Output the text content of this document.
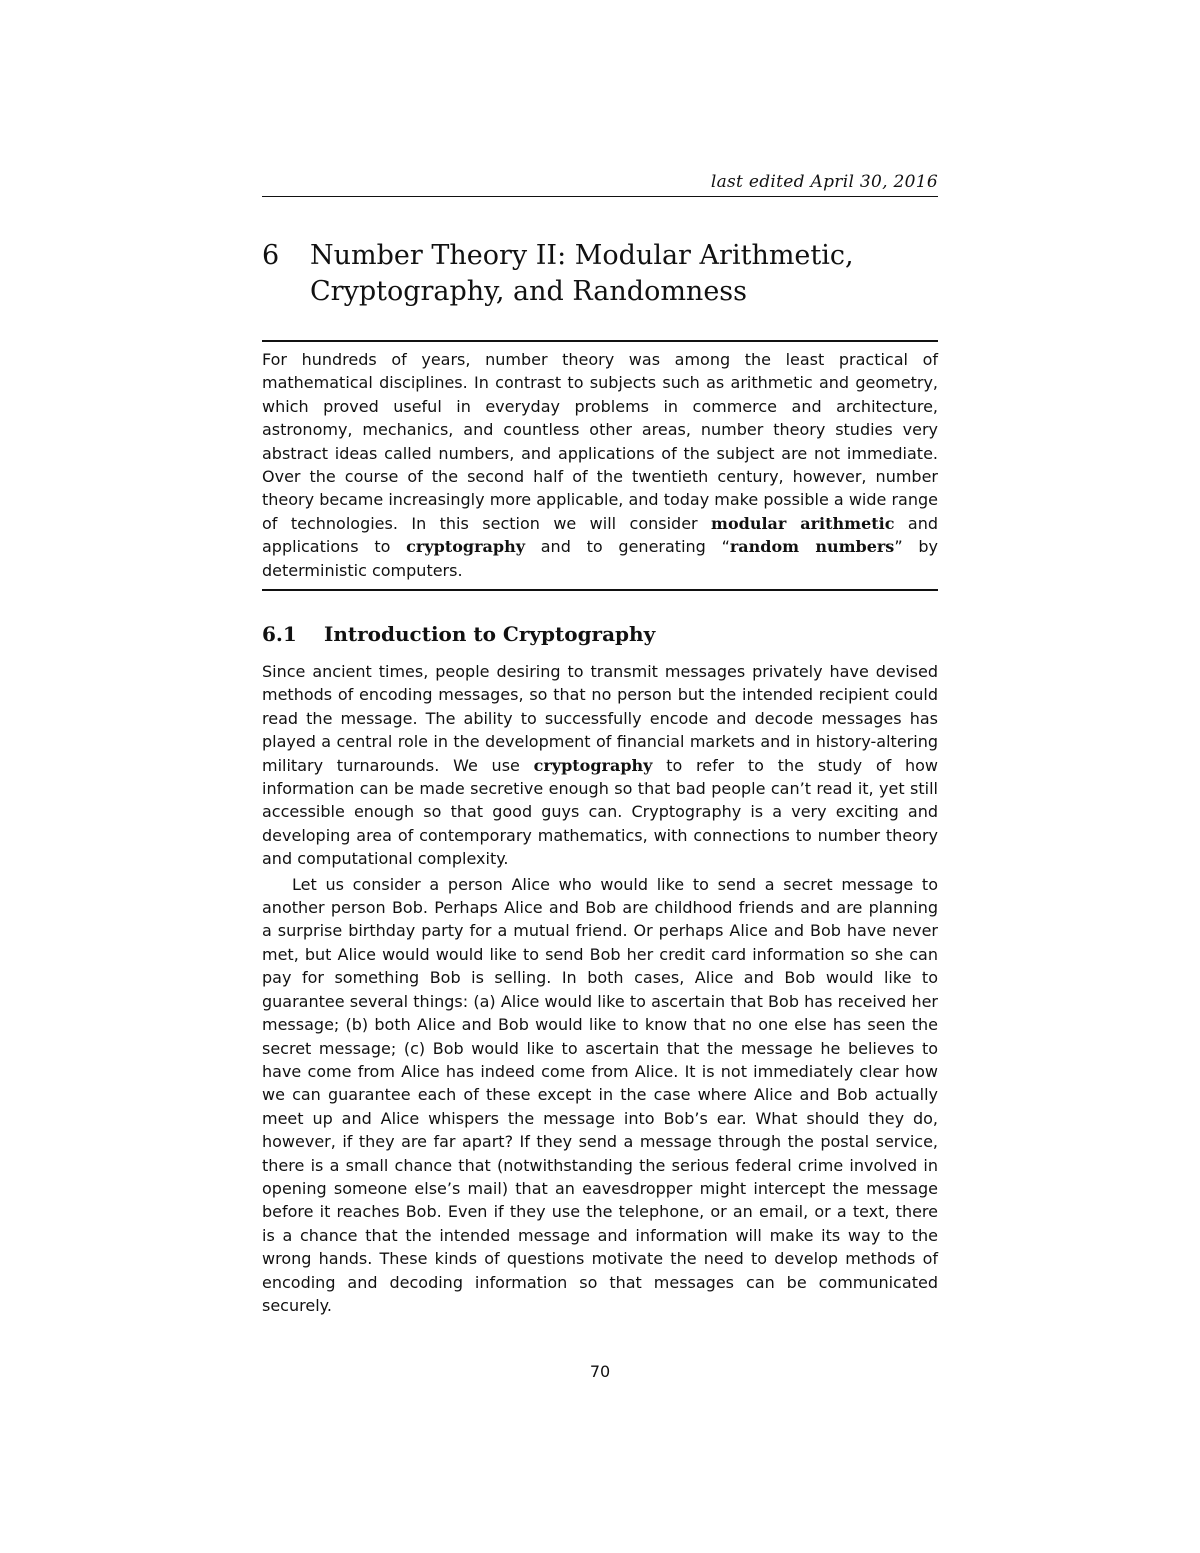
last edited April 30, 2016
6	Number Theory II: Modular Arithmetic, Cryptography, and Randomness
For hundreds of years, number theory was among the least practical of mathematical disciplines. In contrast to subjects such as arithmetic and geometry, which proved useful in everyday problems in commerce and architecture, astronomy, mechanics, and countless other areas, number theory studies very abstract ideas called numbers, and applications of the subject are not immediate. Over the course of the second half of the twentieth century, however, number theory became increasingly more applicable, and today make possible a wide range of technologies. In this section we will consider modular arithmetic and applications to cryptography and to generating “random numbers” by deterministic computers.
6.1 Introduction to Cryptography

Since ancient times, people desiring to transmit messages privately have devised methods of encoding messages, so that no person but the intended recipient could read the message. The ability to successfully encode and decode messages has played a central role in the development of financial markets and in history-altering military turnarounds. We use cryptography to refer to the study of how information can be made secretive enough so that bad people can’t read it, yet still accessible enough so that good guys can. Cryptography is a very exciting and developing area of contemporary mathematics, with connections to number theory and computational complexity.

Let us consider a person Alice who would like to send a secret message to another person Bob. Perhaps Alice and Bob are childhood friends and are planning a surprise birthday party for a mutual friend. Or perhaps Alice and Bob have never met, but Alice would would like to send Bob her credit card information so she can pay for something Bob is selling. In both cases, Alice and Bob would like to guarantee several things: (a) Alice would like to ascertain that Bob has received her message; (b) both Alice and Bob would like to know that no one else has seen the secret message; (c) Bob would like to ascertain that the message he believes to have come from Alice has indeed come from Alice. It is not immediately clear how we can guarantee each of these except in the case where Alice and Bob actually meet up and Alice whispers the message into Bob’s ear. What should they do, however, if they are far apart? If they send a message through the postal service, there is a small chance that (notwithstanding the serious federal crime involved in opening someone else’s mail) that an eavesdropper might intercept the message before it reaches Bob. Even if they use the telephone, or an email, or a text, there is a chance that the intended message and information will make its way to the wrong hands. These kinds of questions motivate the need to develop methods of encoding and decoding information so that messages can be communicated securely.

70
